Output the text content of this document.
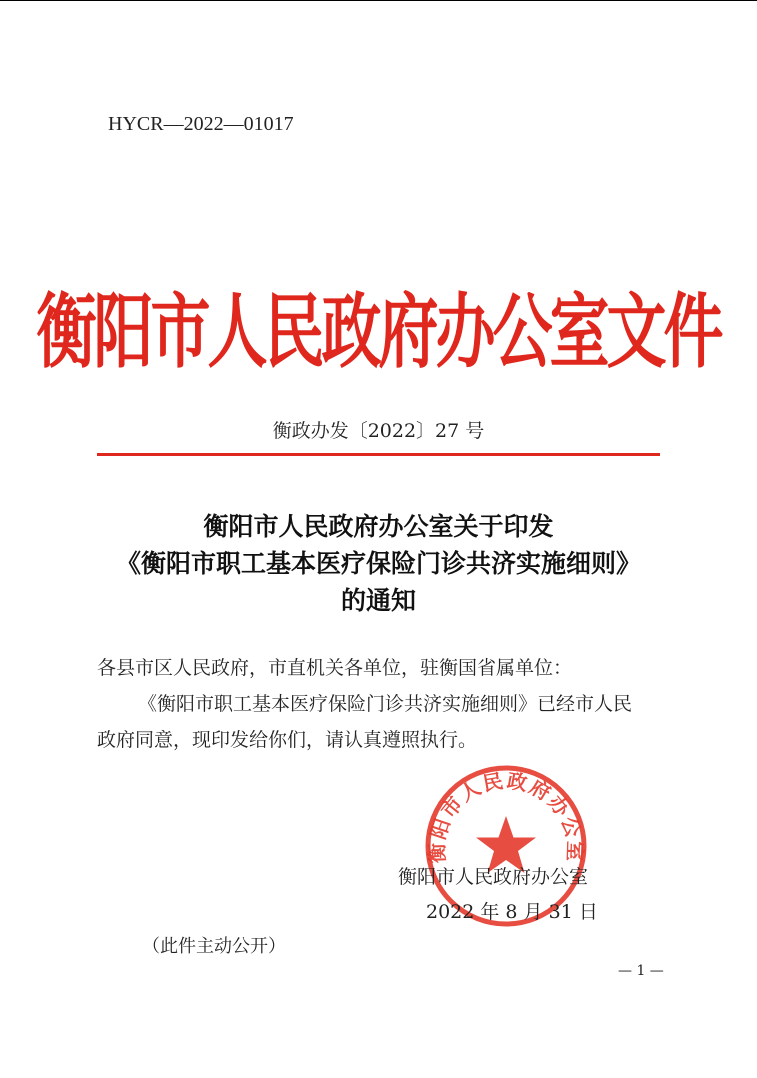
HYCR—2022—01017
衡阳市人民政府办公室文件
衡政办发〔2022〕27 号
衡阳市人民政府办公室关于印发
《衡阳市职工基本医疗保险门诊共济实施细则》
的通知
各县市区人民政府，市直机关各单位，驻衡国省属单位：
《衡阳市职工基本医疗保险门诊共济实施细则》已经市人民
政府同意，现印发给你们，请认真遵照执行。
衡阳市人民政府办公室
衡阳市人民政府办公室
2022 年 8 月 31 日
（此件主动公开）
— 1 —
